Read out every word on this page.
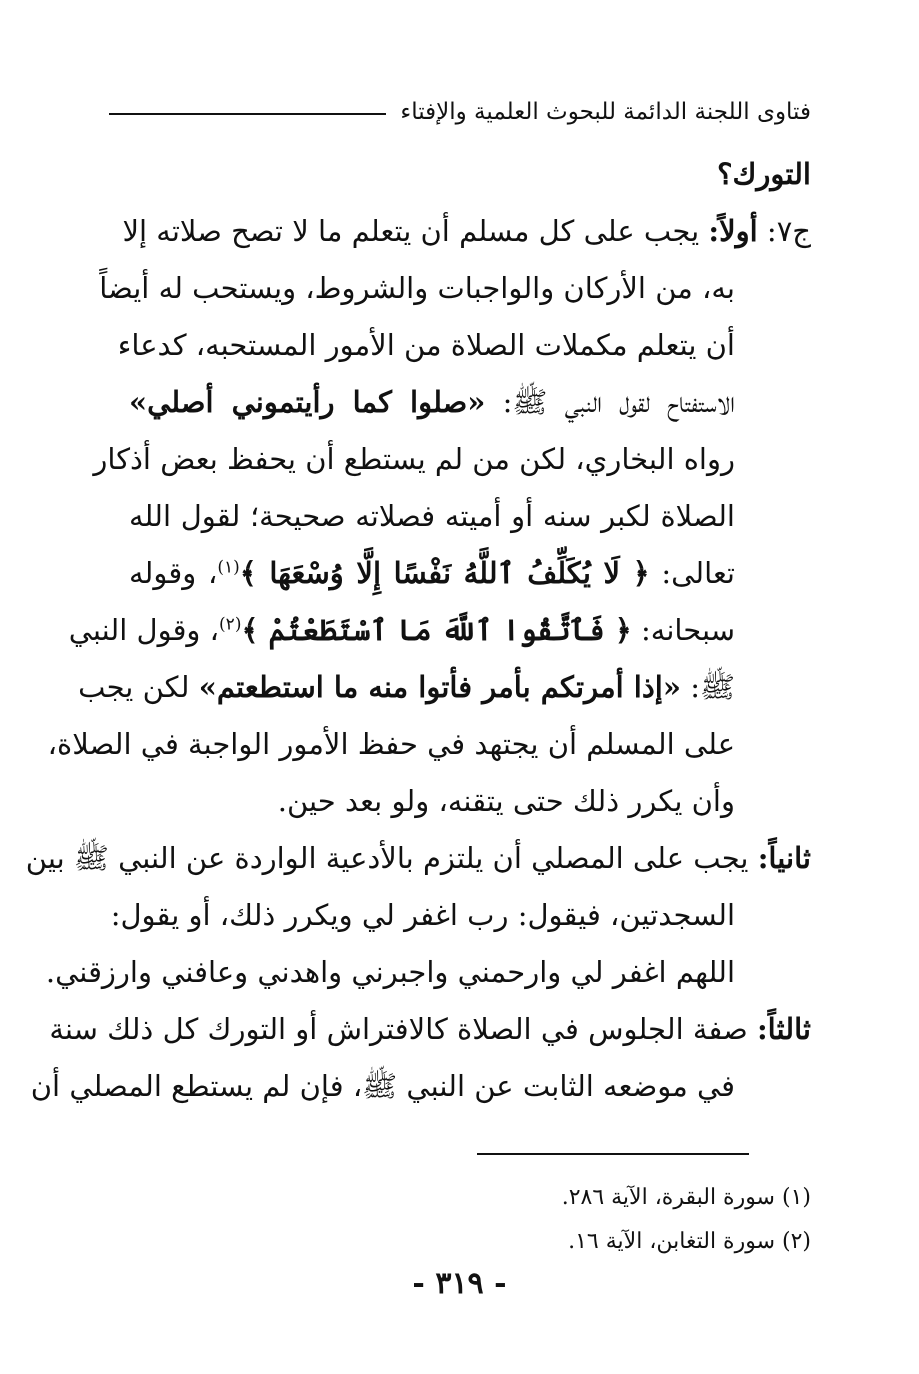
فتاوى اللجنة الدائمة للبحوث العلمية والإفتاء
التورك؟
ج٧: أولاً: يجب على كل مسلم أن يتعلم ما لا تصح صلاته إلا
به، من الأركان والواجبات والشروط، ويستحب له أيضاً
أن يتعلم مكملات الصلاة من الأمور المستحبه، كدعاء
الاستفتاح لقول النبي ﷺ: «صلوا كما رأيتموني أصلي»
رواه البخاري، لكن من لم يستطع أن يحفظ بعض أذكار
الصلاة لكبر سنه أو أميته فصلاته صحيحة؛ لقول الله
تعالى: ﴿ لَا يُكَلِّفُ ٱللَّهُ نَفْسًا إِلَّا وُسْعَهَا ﴾$^{(١)}$، وقوله
سبحانه: ﴿ فَٱتَّقُوا ٱللَّهَ مَا ٱسْتَطَعْتُمْ ﴾$^{(٢)}$، وقول النبي
ﷺ: «إذا أمرتكم بأمر فأتوا منه ما استطعتم» لكن يجب
على المسلم أن يجتهد في حفظ الأمور الواجبة في الصلاة،
وأن يكرر ذلك حتى يتقنه، ولو بعد حين.
ثانياً: يجب على المصلي أن يلتزم بالأدعية الواردة عن النبي ﷺ بين
السجدتين، فيقول: رب اغفر لي ويكرر ذلك، أو يقول:
اللهم اغفر لي وارحمني واجبرني واهدني وعافني وارزقني.
ثالثاً: صفة الجلوس في الصلاة كالافتراش أو التورك كل ذلك سنة
في موضعه الثابت عن النبي ﷺ، فإن لم يستطع المصلي أن
(١) سورة البقرة، الآية ٢٨٦.
(٢) سورة التغابن، الآية ١٦.
- ٣١٩ -
